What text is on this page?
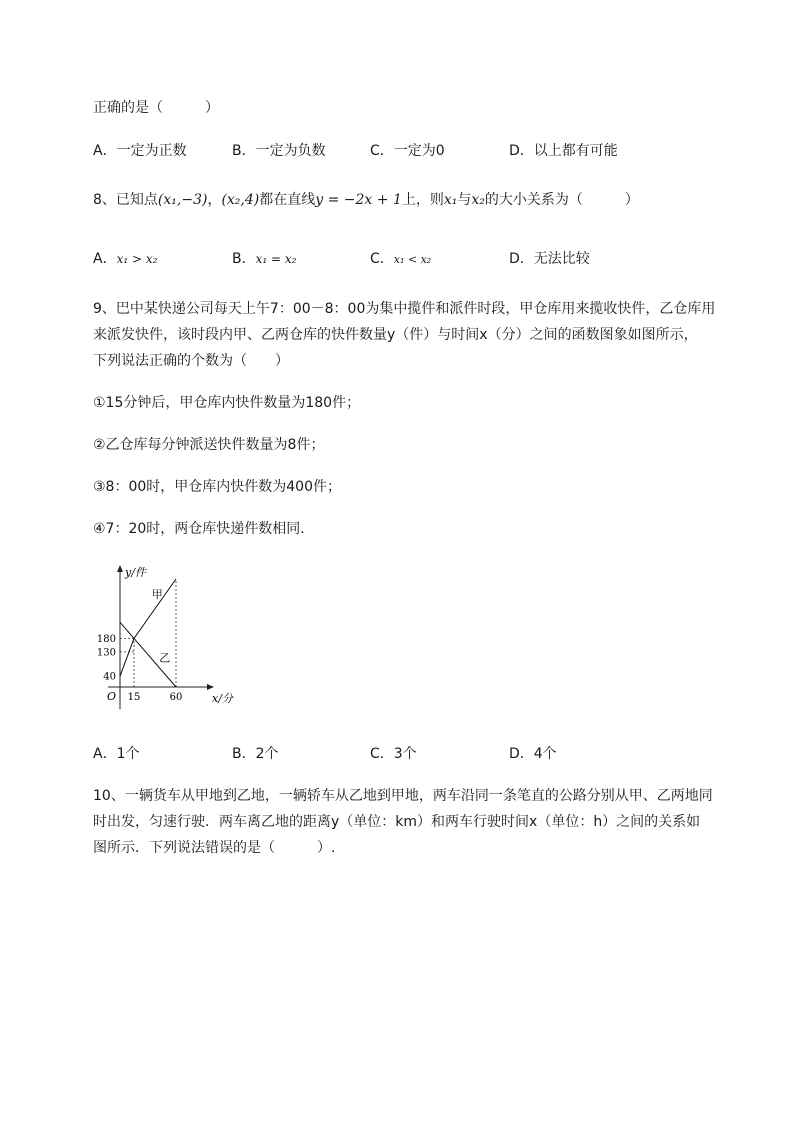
正确的是（　　　）
A．一定为正数	B．一定为负数	C．一定为0	D．以上都有可能
8、已知点(x₁,−3)，(x₂,4)都在直线y = −2x + 1上，则x₁与x₂的大小关系为（　　　）
A．x₁ > x₂	B．x₁ = x₂	C．x₁ < x₂	D．无法比较
9、巴中某快递公司每天上午7：00－8：00为集中揽件和派件时段，甲仓库用来揽收快件，乙仓库用
来派发快件，该时段内甲、乙两仓库的快件数量y（件）与时间x（分）之间的函数图象如图所示，
下列说法正确的个数为（　　）
①15分钟后，甲仓库内快件数量为180件；
②乙仓库每分钟派送快件数量为8件；
③8：00时，甲仓库内快件数为400件；
④7：20时，两仓库快递件数相同．
y/件
x/分
O 15	60
40
130
180
甲
乙
A．1个	B．2个	C．3个	D．4个
10、一辆货车从甲地到乙地，一辆轿车从乙地到甲地，两车沿同一条笔直的公路分别从甲、乙两地同
时出发，匀速行驶．两车离乙地的距离y（单位：km）和两车行驶时间x（单位：h）之间的关系如
图所示．下列说法错误的是（　　　）.
